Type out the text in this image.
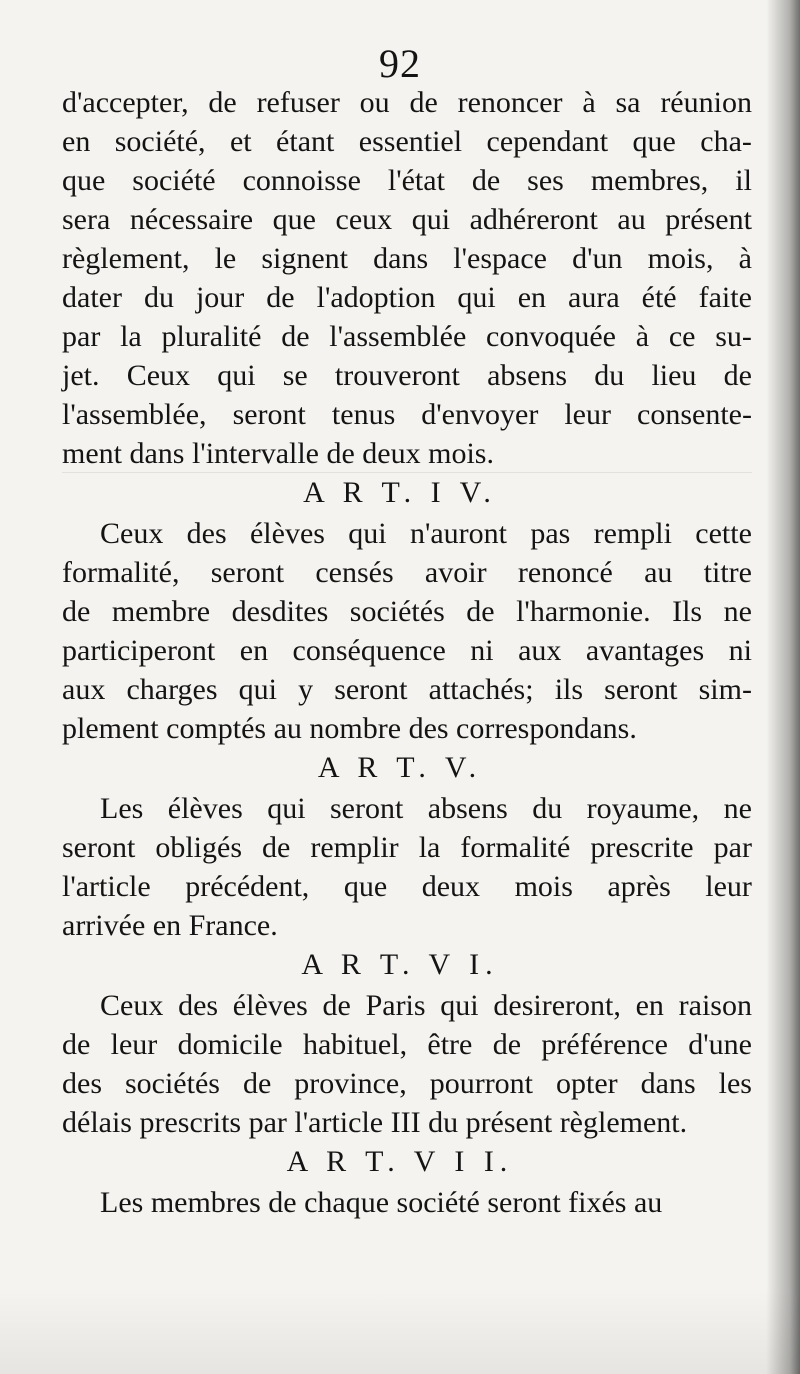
92
d'accepter, de refuser ou de renoncer à sa réunion
en société, et étant essentiel cependant que cha-
que société connoisse l'état de ses membres, il
sera nécessaire que ceux qui adhéreront au présent
règlement, le signent dans l'espace d'un mois, à
dater du jour de l'adoption qui en aura été faite
par la pluralité de l'assemblée convoquée à ce su-
jet. Ceux qui se trouveront absens du lieu de
l'assemblée, seront tenus d'envoyer leur consente-
ment dans l'intervalle de deux mois.
A R T. I V.
Ceux des élèves qui n'auront pas rempli cette
formalité, seront censés avoir renoncé au titre
de membre desdites sociétés de l'harmonie. Ils ne
participeront en conséquence ni aux avantages ni
aux charges qui y seront attachés; ils seront sim-
plement comptés au nombre des correspondans.
A R T. V.
Les élèves qui seront absens du royaume, ne
seront obligés de remplir la formalité prescrite par
l'article précédent, que deux mois après leur
arrivée en France.
A R T. V I.
Ceux des élèves de Paris qui desireront, en raison
de leur domicile habituel, être de préférence d'une
des sociétés de province, pourront opter dans les
délais prescrits par l'article III du présent règlement.
A R T. V I I.
Les membres de chaque société seront fixés au
